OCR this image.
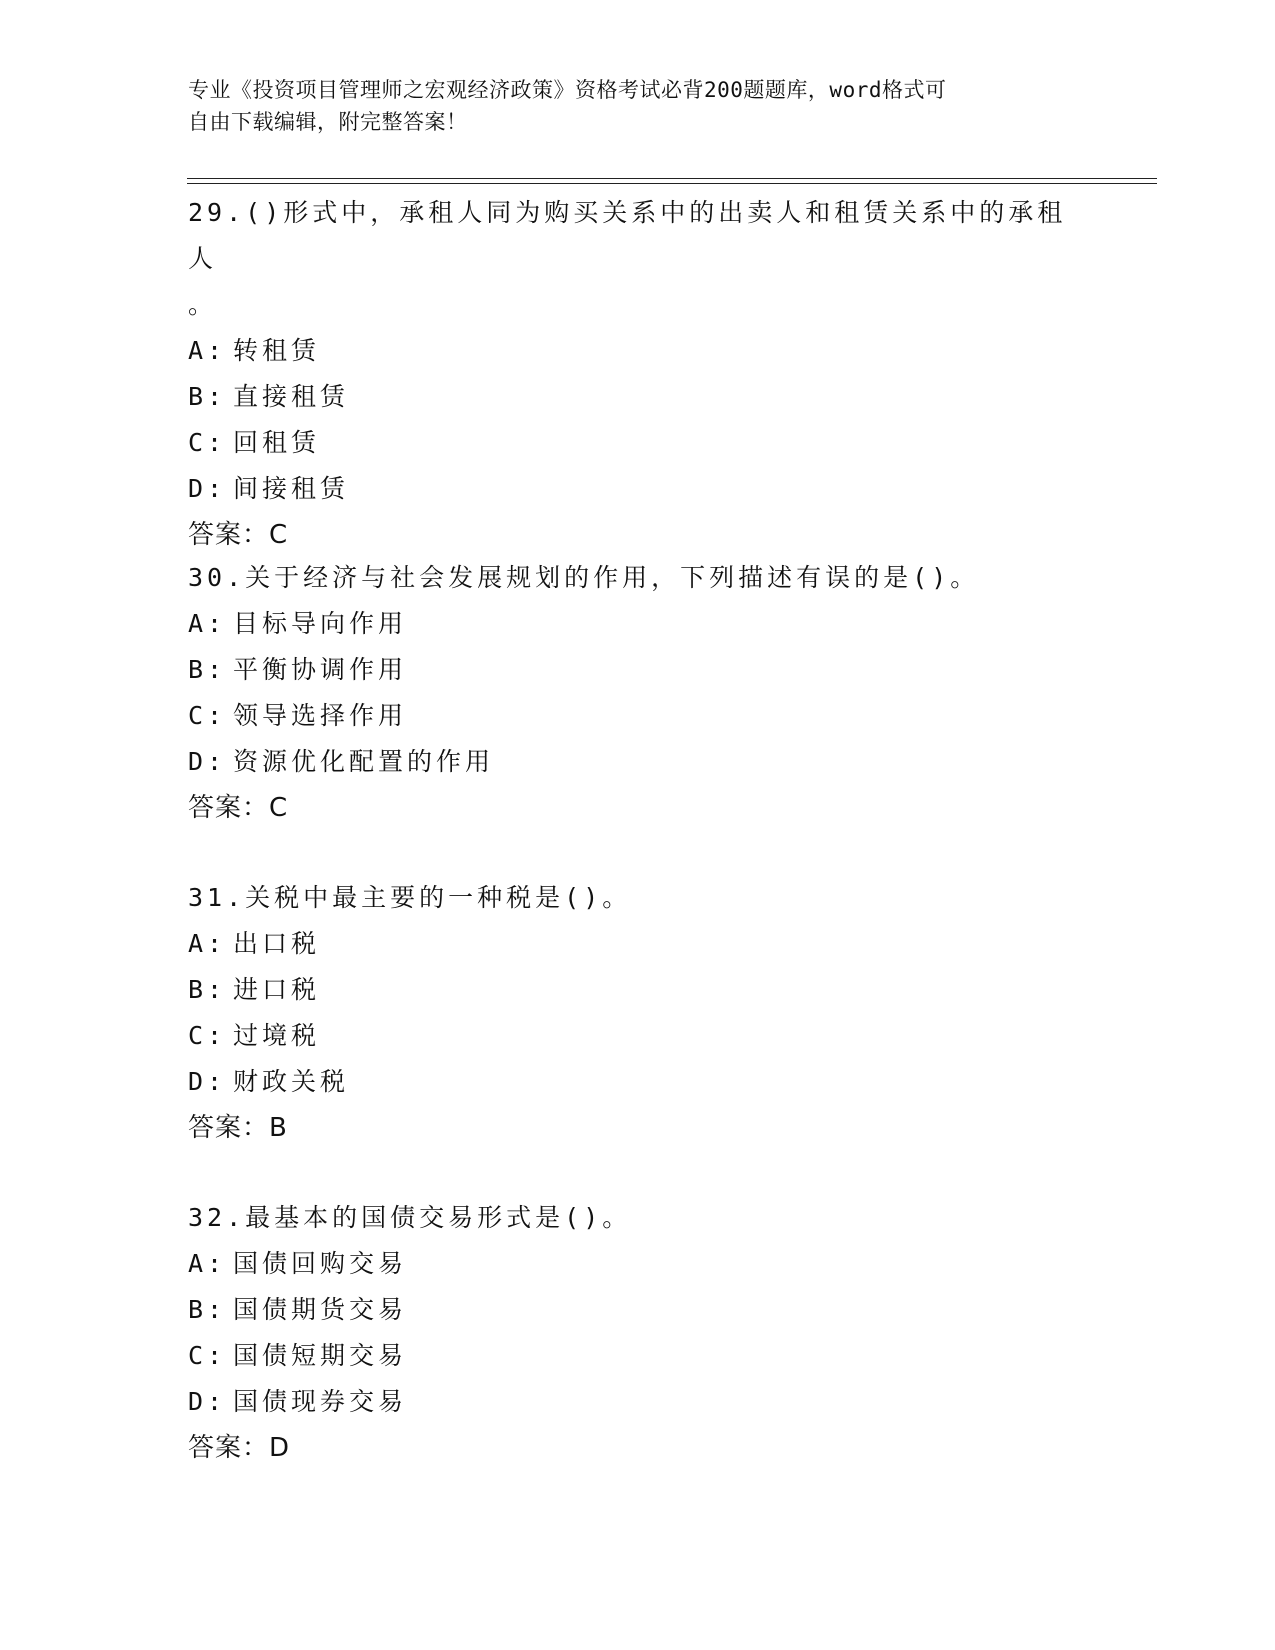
专业《投资项目管理师之宏观经济政策》资格考试必背200题题库，word格式可
自由下载编辑，附完整答案！
29.()形式中，承租人同为购买关系中的出卖人和租赁关系中的承租人
。
A: 转租赁
B: 直接租赁
C: 回租赁
D: 间接租赁
答案： C
30.关于经济与社会发展规划的作用，下列描述有误的是()。
A: 目标导向作用
B: 平衡协调作用
C: 领导选择作用
D: 资源优化配置的作用
答案： C
31.关税中最主要的一种税是()。
A: 出口税
B: 进口税
C: 过境税
D: 财政关税
答案： B
32.最基本的国债交易形式是()。
A: 国债回购交易
B: 国债期货交易
C: 国债短期交易
D: 国债现券交易
答案： D
